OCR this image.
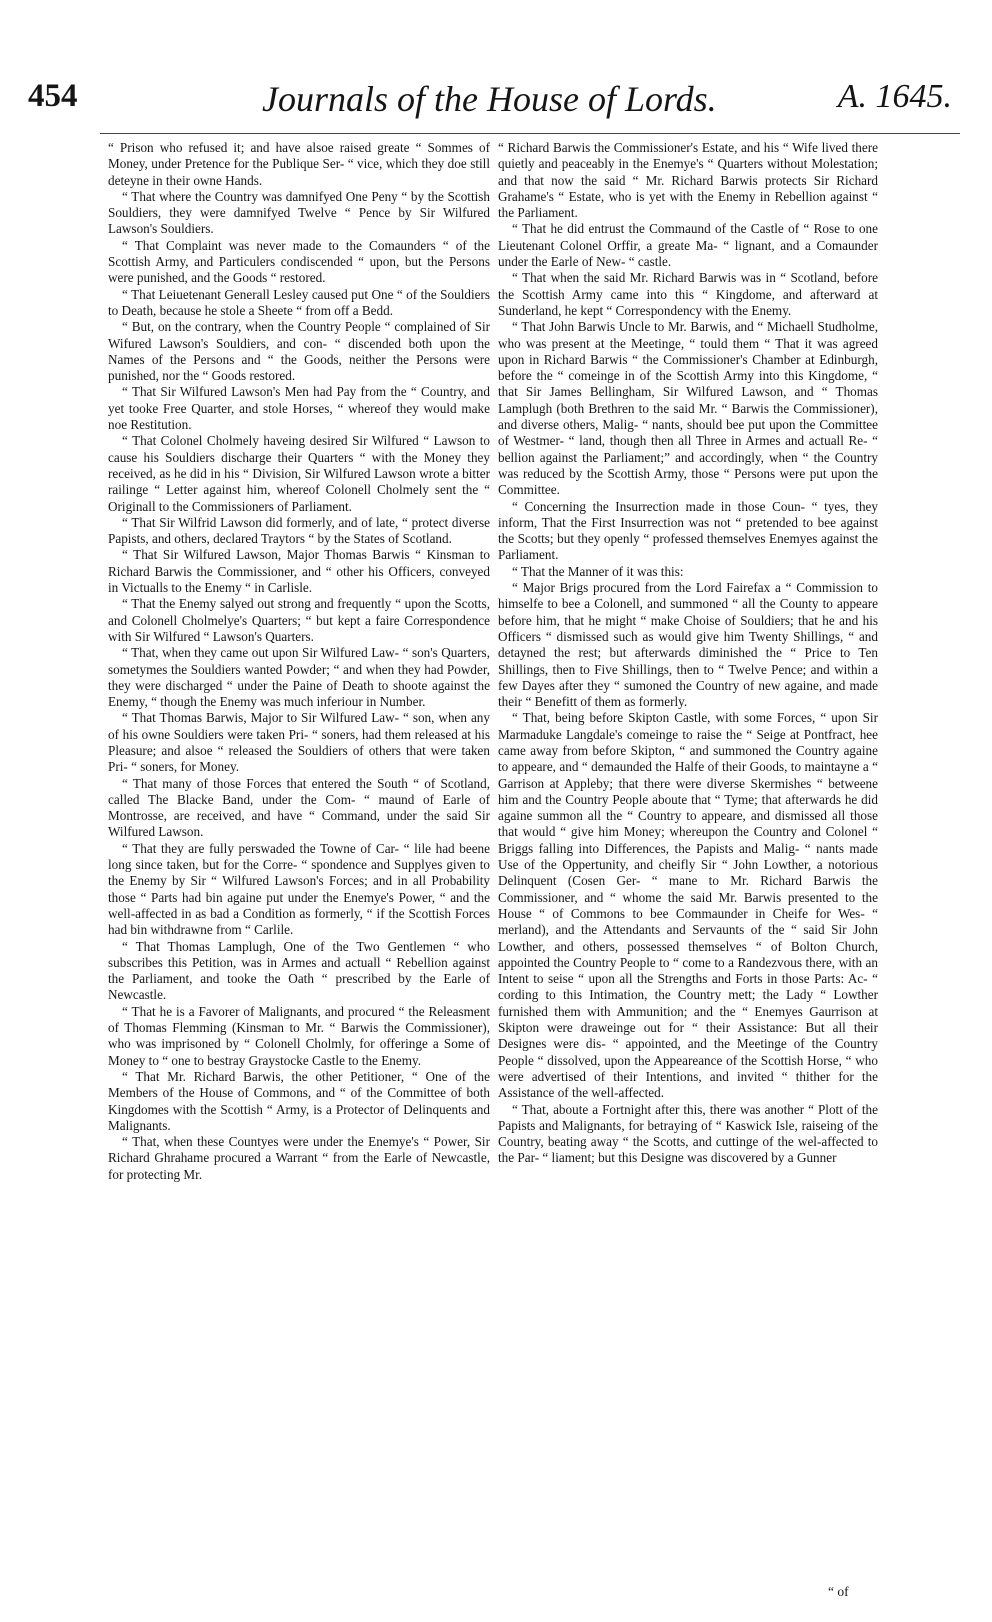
454	Journals of the House of Lords.	A. 1645.

“ Prison who refused it; and have alsoe raised greate “ Sommes of Money, under Pretence for the Publique Ser- “ vice, which they doe still deteyne in their owne Hands.

“ That where the Country was damnifyed One Peny “ by the Scottish Souldiers, they were damnifyed Twelve “ Pence by Sir Wilfured Lawson's Souldiers.

“ That Complaint was never made to the Comaunders “ of the Scottish Army, and Particulers condiscended “ upon, but the Persons were punished, and the Goods “ restored.

“ That Leiuetenant Generall Lesley caused put One “ of the Souldiers to Death, because he stole a Sheete “ from off a Bedd.

“ But, on the contrary, when the Country People “ complained of Sir Wifured Lawson's Souldiers, and con- “ discended both upon the Names of the Persons and “ the Goods, neither the Persons were punished, nor the “ Goods restored.

“ That Sir Wilfured Lawson's Men had Pay from the “ Country, and yet tooke Free Quarter, and stole Horses, “ whereof they would make noe Restitution.

“ That Colonel Cholmely haveing desired Sir Wilfured “ Lawson to cause his Souldiers discharge their Quarters “ with the Money they received, as he did in his “ Division, Sir Wilfured Lawson wrote a bitter railinge “ Letter against him, whereof Colonell Cholmely sent the “ Originall to the Commissioners of Parliament.

“ That Sir Wilfrid Lawson did formerly, and of late, “ protect diverse Papists, and others, declared Traytors “ by the States of Scotland.

“ That Sir Wilfured Lawson, Major Thomas Barwis “ Kinsman to Richard Barwis the Commissioner, and “ other his Officers, conveyed in Victualls to the Enemy “ in Carlisle.

“ That the Enemy salyed out strong and frequently “ upon the Scotts, and Colonell Cholmelye's Quarters; “ but kept a faire Correspondence with Sir Wilfured “ Lawson's Quarters.

“ That, when they came out upon Sir Wilfured Law- “ son's Quarters, sometymes the Souldiers wanted Powder; “ and when they had Powder, they were discharged “ under the Paine of Death to shoote against the Enemy, “ though the Enemy was much inferiour in Number.

“ That Thomas Barwis, Major to Sir Wilfured Law- “ son, when any of his owne Souldiers were taken Pri- “ soners, had them released at his Pleasure; and alsoe “ released the Souldiers of others that were taken Pri- “ soners, for Money.

“ That many of those Forces that entered the South “ of Scotland, called The Blacke Band, under the Com- “ maund of Earle of Montrosse, are received, and have “ Command, under the said Sir Wilfured Lawson.

“ That they are fully perswaded the Towne of Car- “ lile had beene long since taken, but for the Corre- “ spondence and Supplyes given to the Enemy by Sir “ Wilfured Lawson's Forces; and in all Probability those “ Parts had bin againe put under the Enemye's Power, “ and the well-affected in as bad a Condition as formerly, “ if the Scottish Forces had bin withdrawne from “ Carlile.

“ That Thomas Lamplugh, One of the Two Gentlemen “ who subscribes this Petition, was in Armes and actuall “ Rebellion against the Parliament, and tooke the Oath “ prescribed by the Earle of Newcastle.

“ That he is a Favorer of Malignants, and procured “ the Releasment of Thomas Flemming (Kinsman to Mr. “ Barwis the Commissioner), who was imprisoned by “ Colonell Cholmly, for offeringe a Some of Money to “ one to bestray Graystocke Castle to the Enemy.

“ That Mr. Richard Barwis, the other Petitioner, “ One of the Members of the House of Commons, and “ of the Committee of both Kingdomes with the Scottish “ Army, is a Protector of Delinquents and Malignants.

“ That, when these Countyes were under the Enemye's “ Power, Sir Richard Ghrahame procured a Warrant “ from the Earle of Newcastle, for protecting Mr.

“ Richard Barwis the Commissioner's Estate, and his “ Wife lived there quietly and peaceably in the Enemye's “ Quarters without Molestation; and that now the said “ Mr. Richard Barwis protects Sir Richard Grahame's “ Estate, who is yet with the Enemy in Rebellion against “ the Parliament.

“ That he did entrust the Commaund of the Castle of “ Rose to one Lieutenant Colonel Orffir, a greate Ma- “ lignant, and a Comaunder under the Earle of New- “ castle.

“ That when the said Mr. Richard Barwis was in “ Scotland, before the Scottish Army came into this “ Kingdome, and afterward at Sunderland, he kept “ Correspondency with the Enemy.

“ That John Barwis Uncle to Mr. Barwis, and “ Michaell Studholme, who was present at the Meetinge, “ tould them “ That it was agreed upon in Richard Barwis “ the Commissioner's Chamber at Edinburgh, before the “ comeinge in of the Scottish Army into this Kingdome, “ that Sir James Bellingham, Sir Wilfured Lawson, and “ Thomas Lamplugh (both Brethren to the said Mr. “ Barwis the Commissioner), and diverse others, Malig- “ nants, should bee put upon the Committee of Westmer- “ land, though then all Three in Armes and actuall Re- “ bellion against the Parliament;” and accordingly, when “ the Country was reduced by the Scottish Army, those “ Persons were put upon the Committee.

“ Concerning the Insurrection made in those Coun- “ tyes, they inform, That the First Insurrection was not “ pretended to bee against the Scotts; but they openly “ professed themselves Enemyes against the Parliament.

“ That the Manner of it was this:

“ Major Brigs procured from the Lord Fairefax a “ Commission to himselfe to bee a Colonell, and summoned “ all the County to appeare before him, that he might “ make Choise of Souldiers; that he and his Officers “ dismissed such as would give him Twenty Shillings, “ and detayned the rest; but afterwards diminished the “ Price to Ten Shillings, then to Five Shillings, then to “ Twelve Pence; and within a few Dayes after they “ sumoned the Country of new againe, and made their “ Benefitt of them as formerly.

“ That, being before Skipton Castle, with some Forces, “ upon Sir Marmaduke Langdale's comeinge to raise the “ Seige at Pontfract, hee came away from before Skipton, “ and summoned the Country againe to appeare, and “ demaunded the Halfe of their Goods, to maintayne a “ Garrison at Appleby; that there were diverse Skermishes “ betweene him and the Country People aboute that “ Tyme; that afterwards he did againe summon all the “ Country to appeare, and dismissed all those that would “ give him Money; whereupon the Country and Colonel “ Briggs falling into Differences, the Papists and Malig- “ nants made Use of the Oppertunity, and cheifly Sir “ John Lowther, a notorious Delinquent (Cosen Ger- “ mane to Mr. Richard Barwis the Commissioner, and “ whome the said Mr. Barwis presented to the House “ of Commons to bee Commaunder in Cheife for Wes- “ merland), and the Attendants and Servaunts of the “ said Sir John Lowther, and others, possessed themselves “ of Bolton Church, appointed the Country People to “ come to a Randezvous there, with an Intent to seise “ upon all the Strengths and Forts in those Parts: Ac- “ cording to this Intimation, the Country mett; the Lady “ Lowther furnished them with Ammunition; and the “ Enemyes Gaurrison at Skipton were draweinge out for “ their Assistance: But all their Designes were dis- “ appointed, and the Meetinge of the Country People “ dissolved, upon the Appeareance of the Scottish Horse, “ who were advertised of their Intentions, and invited “ thither for the Assistance of the well-affected.

“ That, aboute a Fortnight after this, there was another “ Plott of the Papists and Malignants, for betraying of “ Kaswick Isle, raiseing of the Country, beating away “ the Scotts, and cuttinge of the wel-affected to the Par- “ liament; but this Designe was discovered by a Gunner

“ of
